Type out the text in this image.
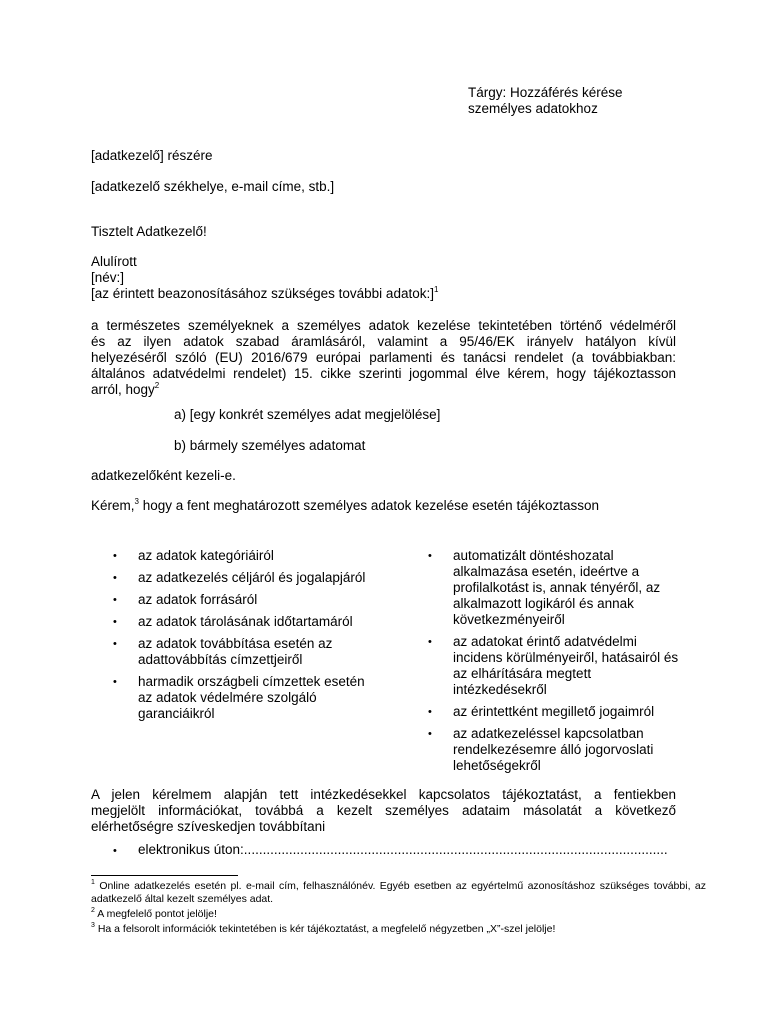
Tárgy: Hozzáférés kérése
személyes adatokhoz
[adatkezelő] részére
[adatkezelő székhelye, e-mail címe, stb.]
Tisztelt Adatkezelő!
Alulírott
[név:]
[az érintett beazonosításához szükséges további adatok:]$^1$
a természetes személyeknek a személyes adatok kezelése tekintetében történő védelméről
és az ilyen adatok szabad áramlásáról, valamint a 95/46/EK irányelv hatályon kívül
helyezéséről szóló (EU) 2016/679 európai parlamenti és tanácsi rendelet (a továbbiakban:
általános adatvédelmi rendelet) 15. cikke szerinti jogommal élve kérem, hogy tájékoztasson
arról, hogy$^2$
a) [egy konkrét személyes adat megjelölése]
b) bármely személyes adatomat
adatkezelőként kezeli-e.
Kérem,$^3$ hogy a fent meghatározott személyes adatok kezelése esetén tájékoztasson
• az adatok kategóriáiról
• az adatkezelés céljáról és jogalapjáról
• az adatok forrásáról
• az adatok tárolásának időtartamáról
• az adatok továbbítása esetén az adattovábbítás címzettjeiről
• harmadik országbeli címzettek esetén az adatok védelmére szolgáló garanciáikról
• automatizált döntéshozatal alkalmazása esetén, ideértve a profilalkotást is, annak tényéről, az alkalmazott logikáról és annak következményeiről
• az adatokat érintő adatvédelmi incidens körülményeiről, hatásairól és az elhárítására megtett intézkedésekről
• az érintettként megillető jogaimról
• az adatkezeléssel kapcsolatban rendelkezésemre álló jogorvoslati lehetőségekről
A jelen kérelmem alapján tett intézkedésekkel kapcsolatos tájékoztatást, a fentiekben
megjelölt információkat, továbbá a kezelt személyes adataim másolatát a következő
elérhetőségre szíveskedjen továbbítani
• elektronikus úton:.................................................................................................................
$^1$ Online adatkezelés esetén pl. e-mail cím, felhasználónév. Egyéb esetben az egyértelmű azonosításhoz szükséges további, az adatkezelő által kezelt személyes adat.
$^2$ A megfelelő pontot jelölje!
$^3$ Ha a felsorolt információk tekintetében is kér tájékoztatást, a megfelelő négyzetben „X”-szel jelölje!
